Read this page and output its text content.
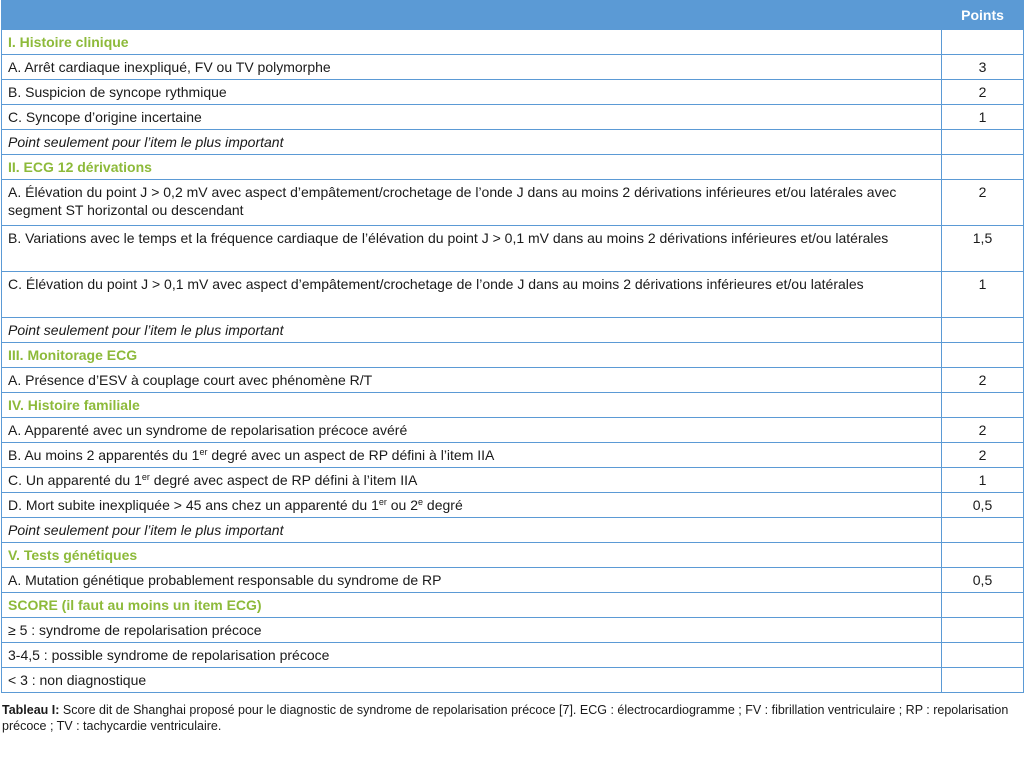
	Points
I. Histoire clinique	
A. Arrêt cardiaque inexpliqué, FV ou TV polymorphe	3
B. Suspicion de syncope rythmique	2
C. Syncope d’origine incertaine	1
Point seulement pour l’item le plus important	
II. ECG 12 dérivations	
A. Élévation du point J > 0,2 mV avec aspect d’empâtement/crochetage de l’onde J dans au moins 2 dérivations inférieures et/ou latérales avec segment ST horizontal ou descendant	2
B. Variations avec le temps et la fréquence cardiaque de l’élévation du point J > 0,1 mV dans au moins 2 dérivations inférieures et/ou latérales	1,5
C. Élévation du point J > 0,1 mV avec aspect d’empâtement/crochetage de l’onde J dans au moins 2 dérivations inférieures et/ou latérales	1
Point seulement pour l’item le plus important	
III. Monitorage ECG	
A. Présence d’ESV à couplage court avec phénomène R/T	2
IV. Histoire familiale	
A. Apparenté avec un syndrome de repolarisation précoce avéré	2
B. Au moins 2 apparentés du 1er degré avec un aspect de RP défini à l’item IIA	2
C. Un apparenté du 1er degré avec aspect de RP défini à l’item IIA	1
D. Mort subite inexpliquée > 45 ans chez un apparenté du 1er ou 2e degré	0,5
Point seulement pour l’item le plus important	
V. Tests génétiques	
A. Mutation génétique probablement responsable du syndrome de RP	0,5
SCORE (il faut au moins un item ECG)	
≥ 5 : syndrome de repolarisation précoce	
3-4,5 : possible syndrome de repolarisation précoce	
< 3 : non diagnostique	
Tableau I: Score dit de Shanghai proposé pour le diagnostic de syndrome de repolarisation précoce [7]. ECG : électrocardiogramme ; FV : fibrillation ventriculaire ; RP : repolarisation précoce ; TV : tachycardie ventriculaire.
